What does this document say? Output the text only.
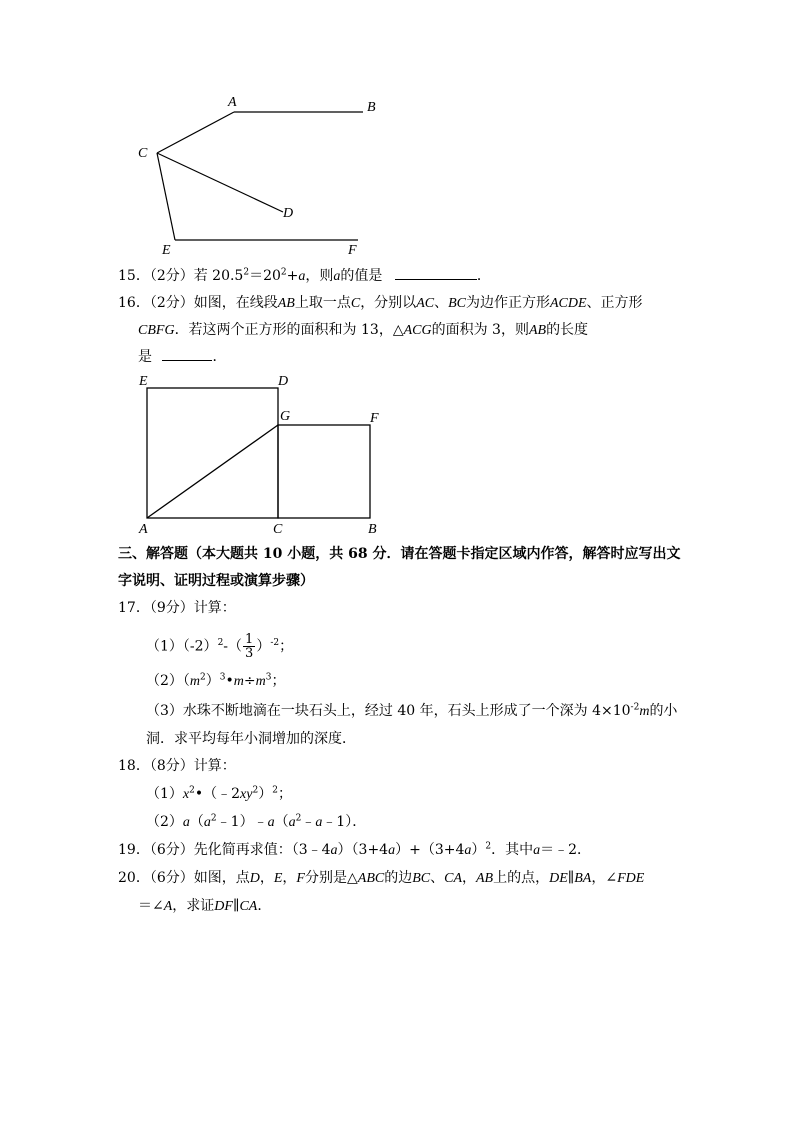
A	B
C
D
E	F
15．（2分）若 $20.5^2=20^2+a$，则a的值是	．
16．（2分）如图，在线段AB上取一点C，分别以AC、BC为边作正方形ACDE、正方形
CBFG．若这两个正方形的面积和为 13，△ACG的面积为 3，则AB的长度
是	．
E	D
G	F
A	C	B
三、解答题（本大题共 10 小题，共 68 分．请在答题卡指定区域内作答，解答时应写出文
字说明、证明过程或演算步骤）
17．（9分）计算：
$(1)(-2)^2-( \frac{1}{3} )^{-2}$；
$(2)(m^2)^3•m\div m^3$；
（3）水珠不断地滴在一块石头上，经过 40 年，石头上形成了一个深为 $4\times 10^{-2}m$的小
洞．求平均每年小洞增加的深度．
18．（8分）计算：
$(1)x^2•(﹣2xy^2)^2$；
$(2)a(a^2﹣1)﹣a(a^2﹣a﹣1)$．
19．（6分）先化简再求值：$(3﹣4a)(3+4a)+(3+4a)^2$．其中a＝﹣2．
20．（6分）如图，点D，E，F分别是△ABC的边BC、CA，AB上的点，DE∥BA，∠FDE
＝∠A，求证DF∥CA．
